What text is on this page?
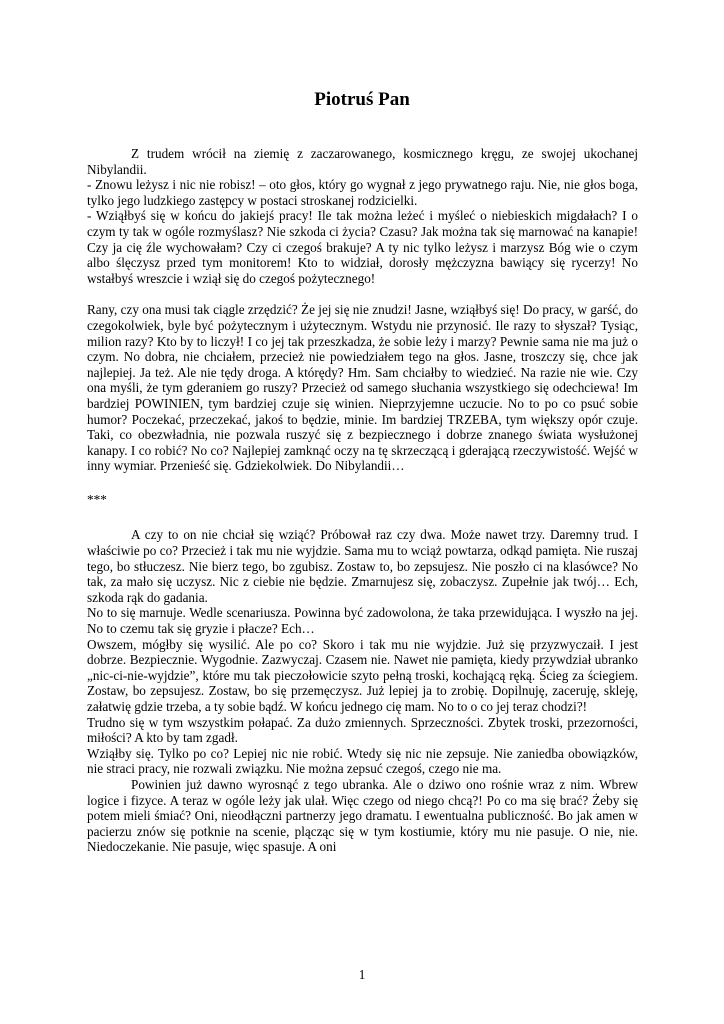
Piotruś Pan

Z trudem wrócił na ziemię z zaczarowanego, kosmicznego kręgu, ze swojej ukochanej Nibylandii.

- Znowu leżysz i nic nie robisz! – oto głos, który go wygnał z jego prywatnego raju. Nie, nie głos boga, tylko jego ludzkiego zastępcy w postaci stroskanej rodzicielki.

- Wziąłbyś się w końcu do jakiejś pracy! Ile tak można leżeć i myśleć o niebieskich migdałach? I o czym ty tak w ogóle rozmyślasz? Nie szkoda ci życia? Czasu? Jak można tak się marnować na kanapie! Czy ja cię źle wychowałam? Czy ci czegoś brakuje? A ty nic tylko leżysz i marzysz Bóg wie o czym albo ślęczysz przed tym monitorem! Kto to widział, dorosły mężczyzna bawiący się rycerzy! No wstałbyś wreszcie i wziął się do czegoś pożytecznego!

Rany, czy ona musi tak ciągle zrzędzić? Że jej się nie znudzi! Jasne, wziąłbyś się! Do pracy, w garść, do czegokolwiek, byle być pożytecznym i użytecznym. Wstydu nie przynosić. Ile razy to słyszał? Tysiąc, milion razy? Kto by to liczył! I co jej tak przeszkadza, że sobie leży i marzy? Pewnie sama nie ma już o czym. No dobra, nie chciałem, przecież nie powiedziałem tego na głos. Jasne, troszczy się, chce jak najlepiej. Ja też. Ale nie tędy droga. A którędy? Hm. Sam chciałby to wiedzieć. Na razie nie wie. Czy ona myśli, że tym gderaniem go ruszy? Przecież od samego słuchania wszystkiego się odechciewa! Im bardziej POWINIEN, tym bardziej czuje się winien. Nieprzyjemne uczucie. No to po co psuć sobie humor? Poczekać, przeczekać, jakoś to będzie, minie. Im bardziej TRZEBA, tym większy opór czuje. Taki, co obezwładnia, nie pozwala ruszyć się z bezpiecznego i dobrze znanego świata wysłużonej kanapy. I co robić? No co? Najlepiej zamknąć oczy na tę skrzeczącą i gderającą rzeczywistość. Wejść w inny wymiar. Przenieść się. Gdziekolwiek. Do Nibylandii…

***

A czy to on nie chciał się wziąć? Próbował raz czy dwa. Może nawet trzy. Daremny trud. I właściwie po co? Przecież i tak mu nie wyjdzie. Sama mu to wciąż powtarza, odkąd pamięta. Nie ruszaj tego, bo stłuczesz. Nie bierz tego, bo zgubisz. Zostaw to, bo zepsujesz. Nie poszło ci na klasówce? No tak, za mało się uczysz. Nic z ciebie nie będzie. Zmarnujesz się, zobaczysz. Zupełnie jak twój… Ech, szkoda rąk do gadania.

No to się marnuje. Wedle scenariusza. Powinna być zadowolona, że taka przewidująca. I wyszło na jej. No to czemu tak się gryzie i płacze? Ech…

Owszem, mógłby się wysilić. Ale po co? Skoro i tak mu nie wyjdzie. Już się przyzwyczaił. I jest dobrze. Bezpiecznie. Wygodnie. Zazwyczaj. Czasem nie. Nawet nie pamięta, kiedy przywdział ubranko „nic-ci-nie-wyjdzie”, które mu tak pieczołowicie szyto pełną troski, kochającą ręką. Ścieg za ściegiem. Zostaw, bo zepsujesz. Zostaw, bo się przemęczysz. Już lepiej ja to zrobię. Dopilnuję, zaceruję, skleję, załatwię gdzie trzeba, a ty sobie bądź. W końcu jednego cię mam. No to o co jej teraz chodzi?!

Trudno się w tym wszystkim połapać. Za dużo zmiennych. Sprzeczności. Zbytek troski, przezorności, miłości? A kto by tam zgadł.

Wziąłby się. Tylko po co? Lepiej nic nie robić. Wtedy się nic nie zepsuje. Nie zaniedba obowiązków, nie straci pracy, nie rozwali związku. Nie można zepsuć czegoś, czego nie ma.

Powinien już dawno wyrosnąć z tego ubranka. Ale o dziwo ono rośnie wraz z nim. Wbrew logice i fizyce. A teraz w ogóle leży jak ulał. Więc czego od niego chcą?! Po co ma się brać? Żeby się potem mieli śmiać? Oni, nieodłączni partnerzy jego dramatu. I ewentualna publiczność. Bo jak amen w pacierzu znów się potknie na scenie, plącząc się w tym kostiumie, który mu nie pasuje. O nie, nie. Niedoczekanie. Nie pasuje, więc spasuje. A oni

1
